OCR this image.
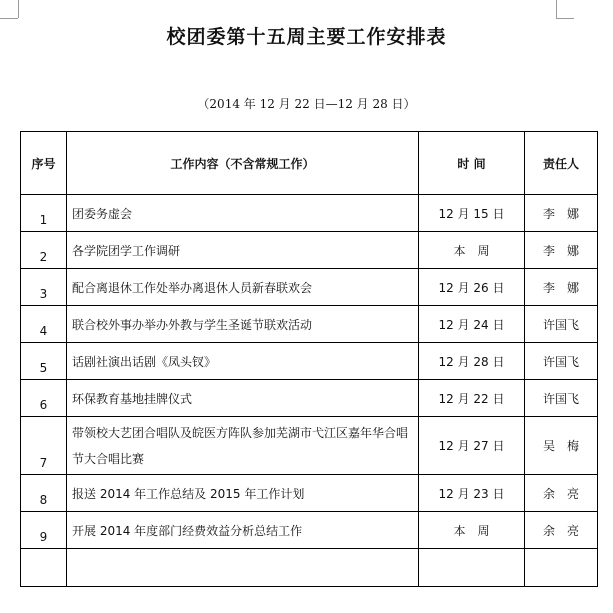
校团委第十五周主要工作安排表
（2014 年 12 月 22 日—12 月 28 日）
序号	工作内容（不含常规工作）	时 间	责任人
1	团委务虚会	12 月 15 日	李　娜
2	各学院团学工作调研	本　周	李　娜
3	配合离退休工作处举办离退休人员新春联欢会	12 月 26 日	李　娜
4	联合校外事办举办外教与学生圣诞节联欢活动	12 月 24 日	许国飞
5	话剧社演出话剧《凤头钗》	12 月 28 日	许国飞
6	环保教育基地挂牌仪式	12 月 22 日	许国飞
7	带领校大艺团合唱队及皖医方阵队参加芜湖市弋江区嘉年华合唱节大合唱比赛	12 月 27 日	吴　梅
8	报送 2014 年工作总结及 2015 年工作计划	12 月 23 日	余　亮
9	开展 2014 年度部门经费效益分析总结工作	本　周	余　亮
